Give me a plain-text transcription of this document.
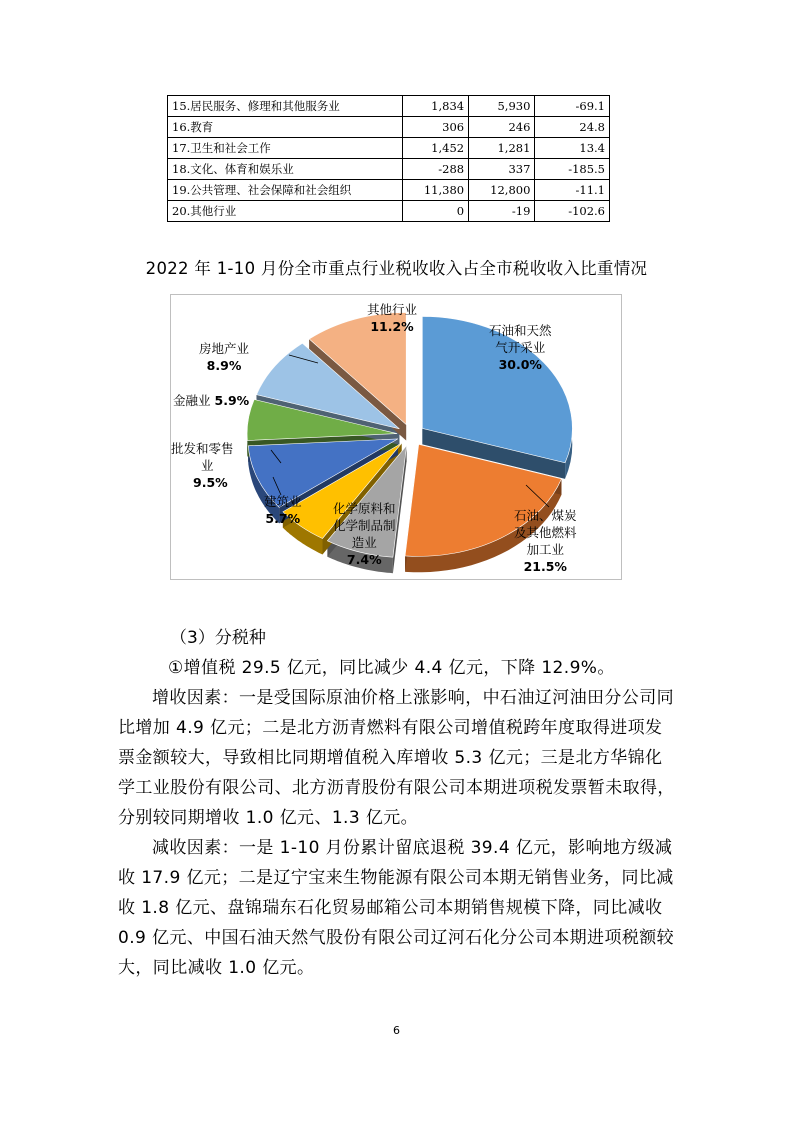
15.居民服务、修理和其他服务业	1,834	5,930	-69.1
16.教育	306	246	24.8
17.卫生和社会工作	1,452	1,281	13.4
18.文化、体育和娱乐业	-288	337	-185.5
19.公共管理、社会保障和社会组织	11,380	12,800	-11.1
20.其他行业	0	-19	-102.6
2022 年 1-10 月份全市重点行业税收收入占全市税收收入比重情况
其他行业
11.2%	石油和天然
气开采业
30.0%
房地产业
8.9%
金融业 5.9%
批发和零售
业
9.5%
建筑业
5.7%
化学原料和
化学制品制
造业
7.4%
石油、煤炭
及其他燃料
加工业
21.5%
（3）分税种

①增值税 29.5 亿元，同比减少 4.4 亿元，下降 12.9%。

增收因素：一是受国际原油价格上涨影响，中石油辽河油田分公司同比增加 4.9 亿元；二是北方沥青燃料有限公司增值税跨年度取得进项发票金额较大，导致相比同期增值税入库增收 5.3 亿元；三是北方华锦化学工业股份有限公司、北方沥青股份有限公司本期进项税发票暂未取得，分别较同期增收 1.0 亿元、1.3 亿元。

减收因素：一是 1-10 月份累计留底退税 39.4 亿元，影响地方级减收 17.9 亿元；二是辽宁宝来生物能源有限公司本期无销售业务，同比减收 1.8 亿元、盘锦瑞东石化贸易邮箱公司本期销售规模下降，同比减收 0.9 亿元、中国石油天然气股份有限公司辽河石化分公司本期进项税额较大，同比减收 1.0 亿元。

6
